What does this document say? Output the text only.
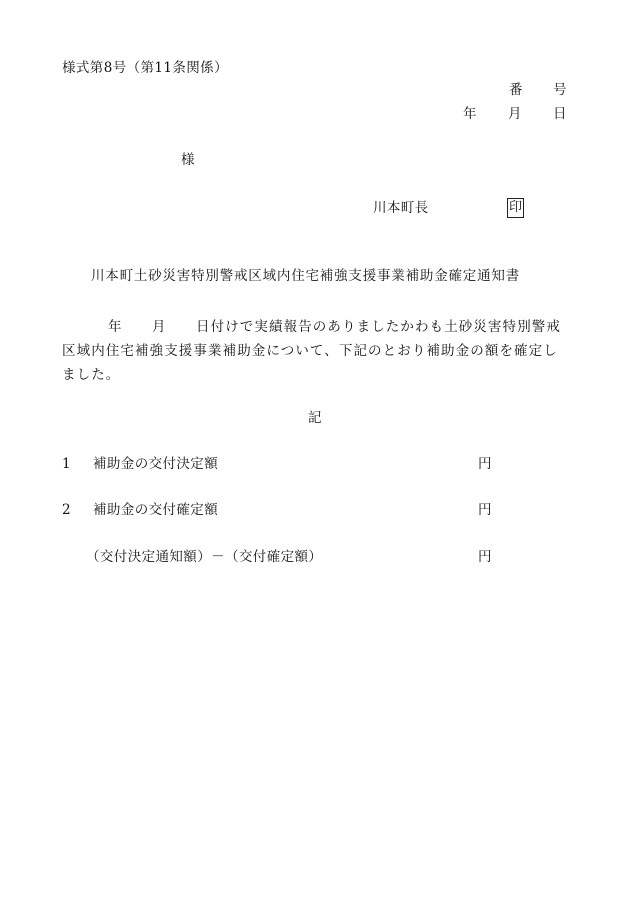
様式第8号（第11条関係）
番 号
年 月 日
様
川本町長	印
川本町土砂災害特別警戒区域内住宅補強支援事業補助金確定通知書
年 月 日付けで実績報告のありましたかわも土砂災害特別警戒
区域内住宅補強支援事業補助金について、下記のとおり補助金の額を確定し
ました。
記
1 補助金の交付決定額	円
2 補助金の交付確定額	円
（交付決定通知額）－（交付確定額）	円
